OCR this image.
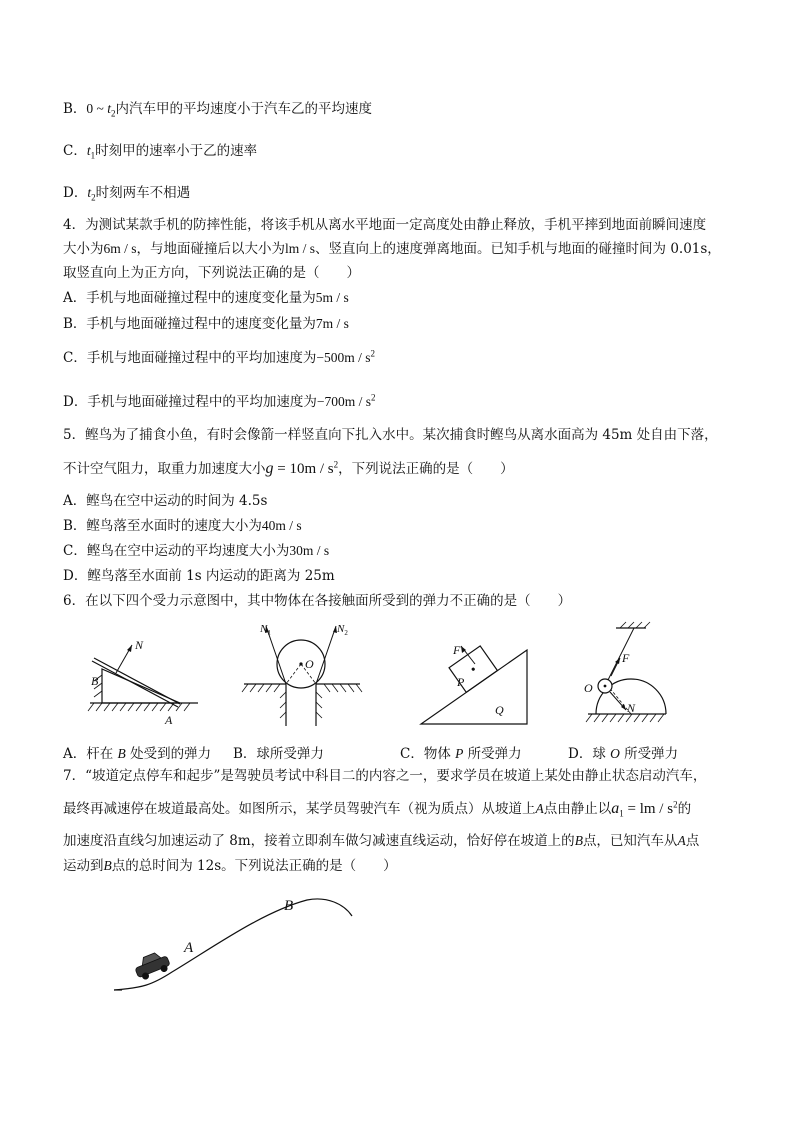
B．0 ~ $t_2$内汽车甲的平均速度小于汽车乙的平均速度
C．$t_1$时刻甲的速率小于乙的速率
D．$t_2$时刻两车不相遇
4．为测试某款手机的防摔性能，将该手机从离水平地面一定高度处由静止释放，手机平摔到地面前瞬间速度
大小为6m / s，与地面碰撞后以大小为lm / s、竖直向上的速度弹离地面。已知手机与地面的碰撞时间为 0.01s，
取竖直向上为正方向，下列说法正确的是（　　）
A．手机与地面碰撞过程中的速度变化量为5m / s
B．手机与地面碰撞过程中的速度变化量为7m / s
C．手机与地面碰撞过程中的平均加速度为$-500m / s^2$
D．手机与地面碰撞过程中的平均加速度为$-700m / s^2$
5．鲣鸟为了捕食小鱼，有时会像箭一样竖直向下扎入水中。某次捕食时鲣鸟从离水面高为 45m 处自由下落，
不计空气阻力，取重力加速度大小$g = 10m / s^2$，下列说法正确的是（　　）
A．鲣鸟在空中运动的时间为 4.5s
B．鲣鸟落至水面时的速度大小为40m / s
C．鲣鸟在空中运动的平均速度大小为30m / s
D．鲣鸟落至水面前 1s 内运动的距离为 25m
6．在以下四个受力示意图中，其中物体在各接触面所受到的弹力不正确的是（　　）
N
B
A
$N_1$	$N_2$
O
Q
P
F
O
F
N
A．杆在 B 处受到的弹力 B．球所受弹力	C．物体 P 所受弹力	D．球 O 所受弹力
7．“坡道定点停车和起步”是驾驶员考试中科目二的内容之一，要求学员在坡道上某处由静止状态启动汽车，
最终再减速停在坡道最高处。如图所示，某学员驾驶汽车（视为质点）从坡道上A点由静止以$a_1$ = lm / $s^2$的
加速度沿直线匀加速运动了 8m，接着立即刹车做匀减速直线运动，恰好停在坡道上的B点，已知汽车从A点
运动到B点的总时间为 12s。下列说法正确的是（　　）
A
B
